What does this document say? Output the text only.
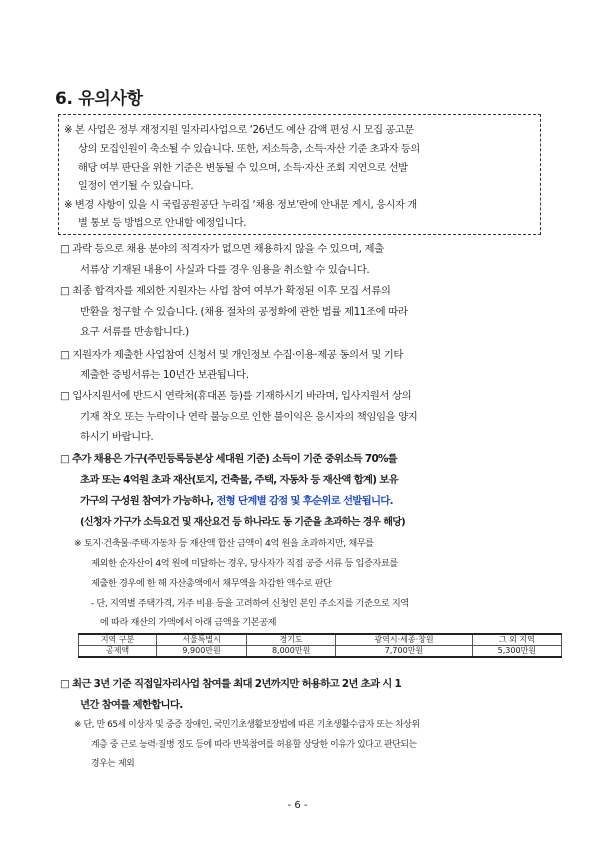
6. 유의사항
※ 본 사업은 정부 재정지원 일자리사업으로 ‘26년도 예산 감액 편성 시 모집 공고문
상의 모집인원이 축소될 수 있습니다. 또한, 저소득층, 소득·자산 기준 초과자 등의
해당 여부 판단을 위한 기준은 변동될 수 있으며, 소득·자산 조회 지연으로 선발
일정이 연기될 수 있습니다.
※ 변경 사항이 있을 시 국립공원공단 누리집 ‘채용 정보’란에 안내문 게시, 응시자 개
별 통보 등 방법으로 안내할 예정입니다.
□ 과락 등으로 채용 분야의 적격자가 없으면 채용하지 않을 수 있으며, 제출
서류상 기재된 내용이 사실과 다를 경우 임용을 취소할 수 있습니다.
□ 최종 합격자를 제외한 지원자는 사업 참여 여부가 확정된 이후 모집 서류의
반환을 청구할 수 있습니다. (채용 절차의 공정화에 관한 법률 제11조에 따라
요구 서류를 반송합니다.)
□ 지원자가 제출한 사업참여 신청서 및 개인정보 수집·이용·제공 동의서 및 기타
제출한 증빙서류는 10년간 보관됩니다.
□ 입사지원서에 반드시 연락처(휴대폰 등)를 기재하시기 바라며, 입사지원서 상의
기재 착오 또는 누락이나 연락 불능으로 인한 불이익은 응시자의 책임임을 양지
하시기 바랍니다.
□ 추가 채용은 가구(주민등록등본상 세대원 기준) 소득이 기준 중위소득 70%를
초과 또는 4억원 초과 재산(토지, 건축물, 주택, 자동차 등 재산액 합계) 보유
가구의 구성원 참여가 가능하나, 전형 단계별 감점 및 후순위로 선발됩니다.
(신청자 가구가 소득요건 및 재산요건 등 하나라도 동 기준을 초과하는 경우 해당)
※ 토지·건축물·주택·자동차 등 재산액 합산 금액이 4억 원을 초과하지만, 채무를
제외한 순자산이 4억 원에 미달하는 경우, 당사자가 직접 공증 서류 등 입증자료를
제출한 경우에 한 해 자산총액에서 채무액을 차감한 액수로 판단
- 단, 지역별 주택가격, 거주 비용 등을 고려하여 신청인 본인 주소지를 기준으로 지역
에 따라 재산의 가액에서 아래 금액을 기본공제
지역 구분	서울특별시	경기도	광역시·세종·창원	그 외 지역
공제액	9,900만원	8,000만원	7,700만원	5,300만원
□ 최근 3년 기준 직접일자리사업 참여를 최대 2년까지만 허용하고 2년 초과 시 1
년간 참여를 제한합니다.
※ 단, 만 65세 이상자 및 중증 장애인, 국민기초생활보장법에 따른 기초생활수급자 또는 차상위
계층 중 근로 능력·질병 정도 등에 따라 반복참여를 허용할 상당한 이유가 있다고 판단되는
경우는 제외
- 6 -
